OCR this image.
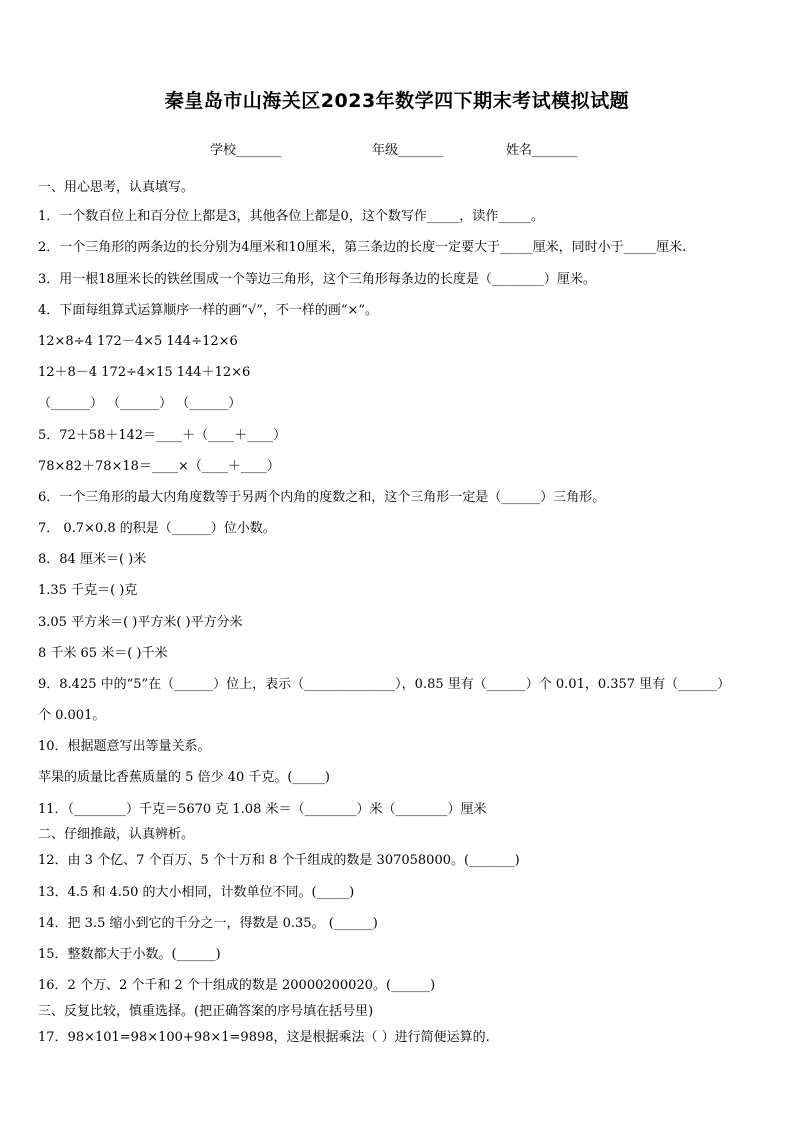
秦皇岛市山海关区2023年数学四下期末考试模拟试题
学校_______	年级_______	姓名_______
一、用心思考，认真填写。
1．一个数百位上和百分位上都是3，其他各位上都是0，这个数写作_____，读作_____。
2．一个三角形的两条边的长分别为4厘米和10厘米，第三条边的长度一定要大于_____厘米，同时小于_____厘米.
3．用一根18厘米长的铁丝围成一个等边三角形，这个三角形每条边的长度是（________）厘米。
4．下面每组算式运算顺序一样的画“√”，不一样的画“×”。
12×8÷4 172－4×5 144÷12×6
12＋8－4 172÷4×15 144＋12×6
（______） （______） （______）
5．72＋58＋142＝____＋（____＋____）
78×82＋78×18＝____×（____＋____）
6．一个三角形的最大内角度数等于另两个内角的度数之和，这个三角形一定是（______）三角形。
7． 0.7×0.8 的积是（______）位小数。
8．84 厘米＝( )米
1.35 千克＝( )克
3.05 平方米＝( )平方米( )平方分米
8 千米 65 米＝( )千米
9．8.425 中的“5”在（______）位上，表示（______________），0.85 里有（______）个 0.01，0.357 里有（______）
个 0.001。
10．根据题意写出等量关系。
苹果的质量比香蕉质量的 5 倍少 40 千克。(_____)
11．（________）千克＝5670 克 1.08 米＝（________）米（________）厘米
二、仔细推敲，认真辨析。
12．由 3 个亿、7 个百万、5 个十万和 8 个千组成的数是 307058000。(_______)
13．4.5 和 4.50 的大小相同，计数单位不同。(_____)
14．把 3.5 缩小到它的千分之一，得数是 0.35。 (______)
15．整数都大于小数。(______)
16．2 个万、2 个千和 2 个十组成的数是 20000200020。(______)
三、反复比较，慎重选择。(把正确答案的序号填在括号里)
17．98×101=98×100+98×1=9898，这是根据乘法（ ）进行简便运算的.
